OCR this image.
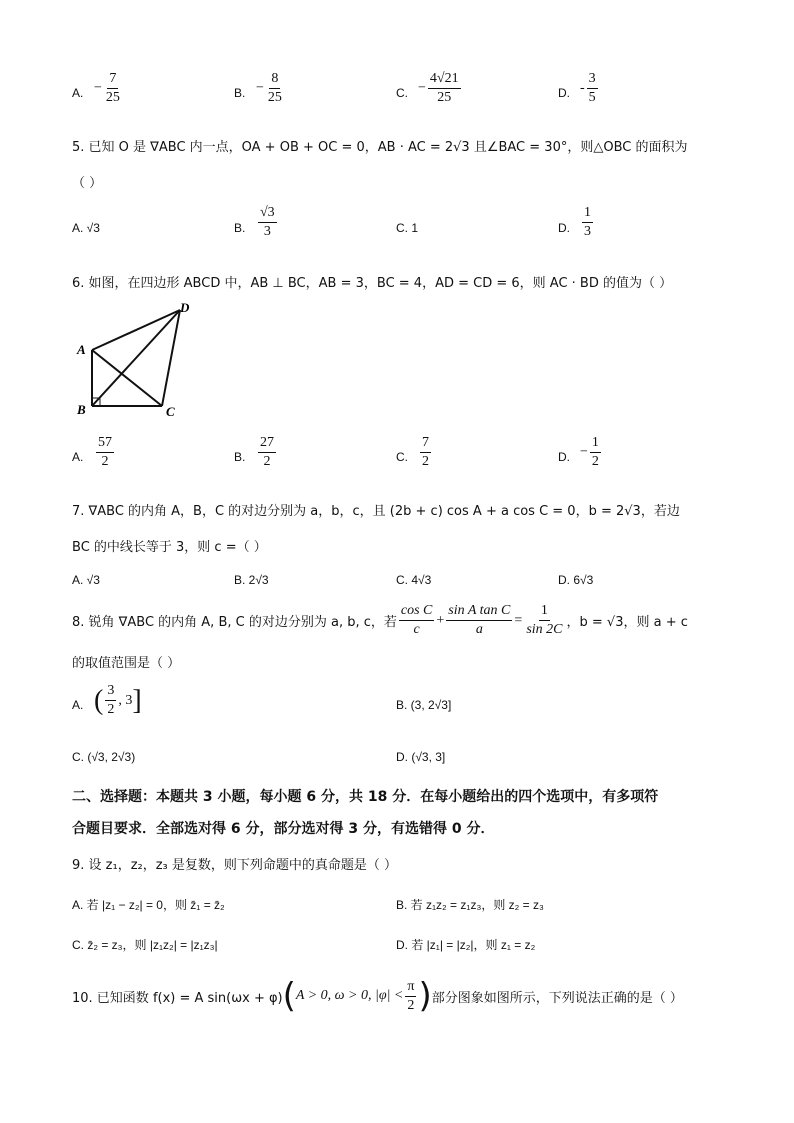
A. − $\frac{7}{25}$	B. − $\frac{8}{25}$	C. − $\frac{4√21}{25}$	D. - $\frac{3}{5}$
5. 已知 O 是 ∇ABC 内一点，OA + OB + OC = 0，AB · AC = 2√3 且∠BAC = 30°，则△OBC 的面积为
（ ）
A. √3	B. $\frac{√3}{3}$	C. 1	D. $\frac{1}{3}$
6. 如图，在四边形 ABCD 中，AB ⊥ BC，AB = 3，BC = 4，AD = CD = 6，则 AC · BD 的值为（ ）
A
B	C
D
A. $\frac{57}{2}$	B. $\frac{27}{2}$	C. $\frac{7}{2}$	D. − $\frac{1}{2}$
7. ∇ABC 的内角 A，B，C 的对边分别为 a，b，c，且 (2b + c) cos A + a cos C = 0，b = 2√3，若边
BC 的中线长等于 3，则 c =（ ）
A. √3	B. 2√3	C. 4√3	D. 6√3
8. 锐角 ∇ABC 的内角 A, B, C 的对边分别为 a, b, c，若 $\frac{\text{cos C}}{c} + \frac{\text{sin A tan C}}{a} = \frac{1}{\sin 2C}$ ，b = √3，则 a + c
的取值范围是（ ）
A. ( $\frac{3}{2}$ , 3 ]	B. (3, 2√3]
C. (√3, 2√3)	D. (√3, 3]
二、选择题：本题共 3 小题，每小题 6 分，共 18 分．在每小题给出的四个选项中，有多项符
合题目要求．全部选对得 6 分，部分选对得 3 分，有选错得 0 分．
9. 设 z₁，z₂，z₃ 是复数，则下列命题中的真命题是（ ）
A. 若 |z₁ − z₂| = 0，则 z̄₁ = z̄₂	B. 若 z₁z₂ = z₁z₃，则 z₂ = z₃
C. z̄₂ = z₃，则 |z₁z₂| = |z₁z₃|	D. 若 |z₁| = |z₂|，则 z₁ = z₂
10. 已知函数 f(x) = A sin(ωx + φ) ( A > 0, ω > 0, $|\varphi| < \frac{\pi}{2}$ ) 部分图象如图所示，下列说法正确的是（ ）
